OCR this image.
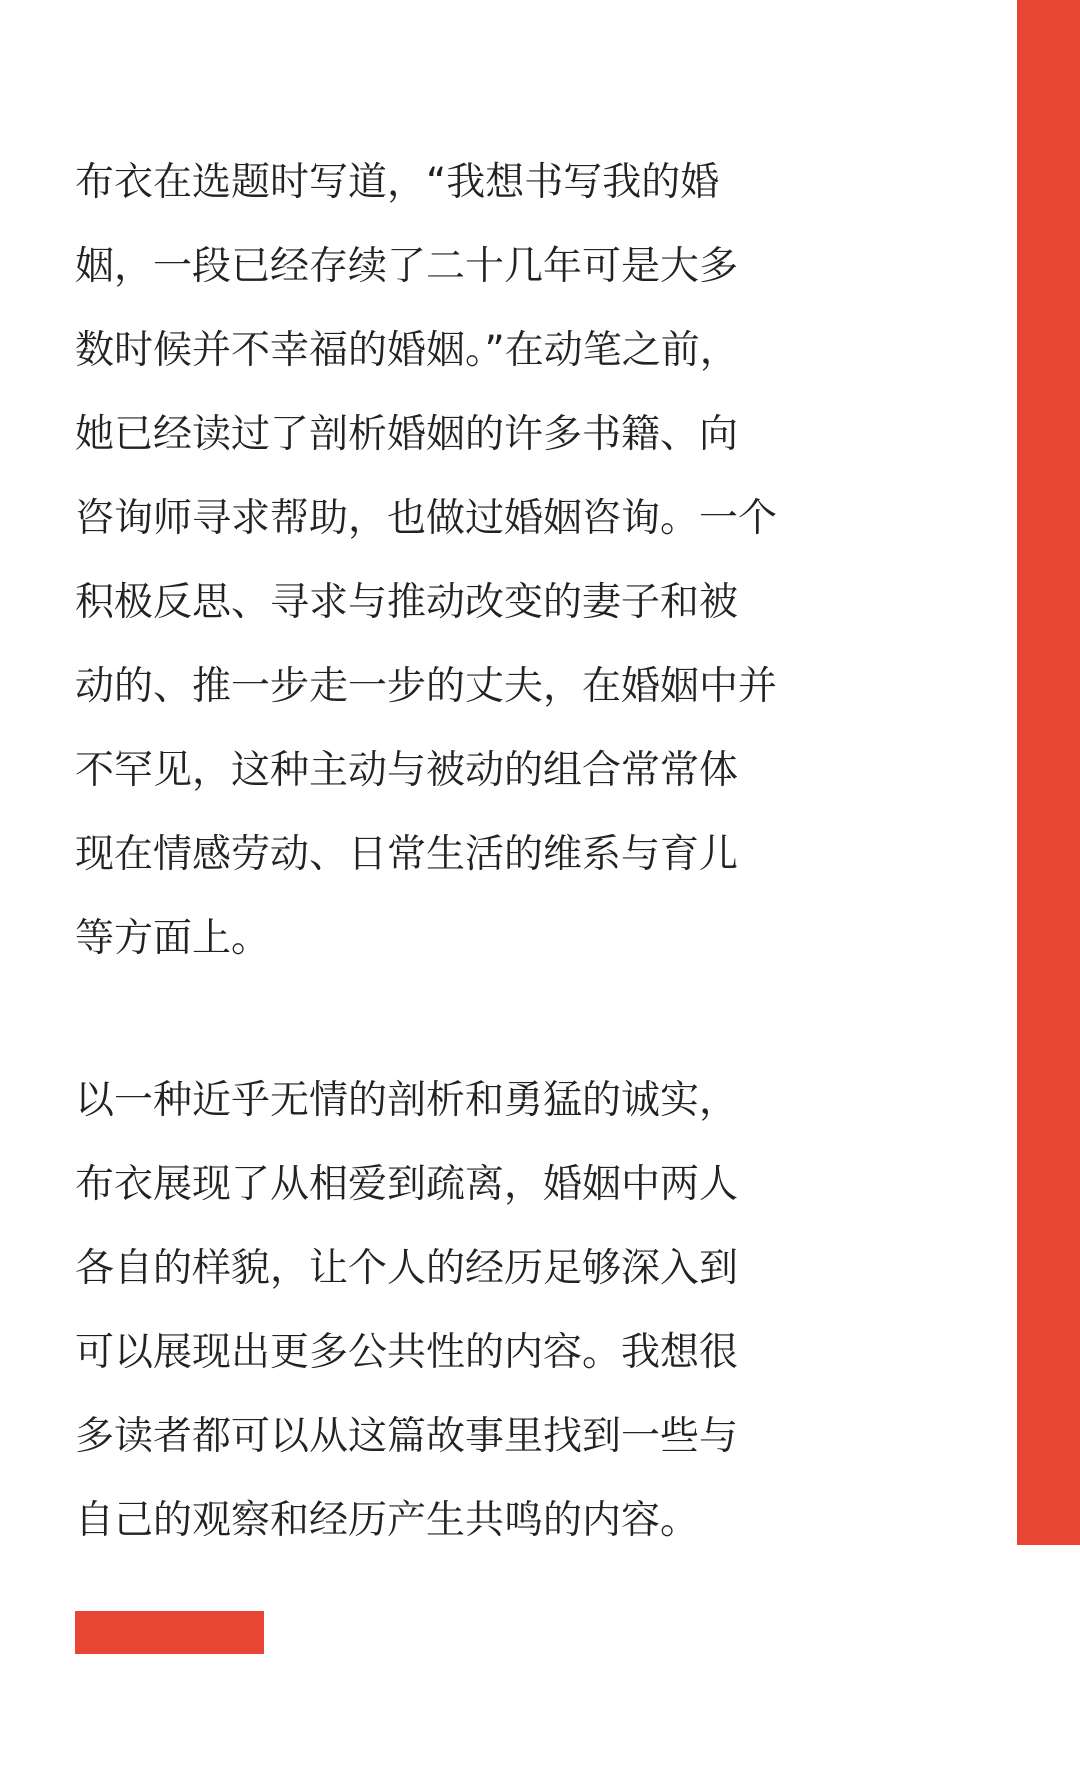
布衣在选题时写道，“我想书写我的婚
姻，一段已经存续了二十几年可是大多
数时候并不幸福的婚姻。”在动笔之前，
她已经读过了剖析婚姻的许多书籍、向
咨询师寻求帮助，也做过婚姻咨询。一个
积极反思、寻求与推动改变的妻子和被
动的、推一步走一步的丈夫，在婚姻中并
不罕见，这种主动与被动的组合常常体
现在情感劳动、日常生活的维系与育儿
等方面上。

以一种近乎无情的剖析和勇猛的诚实，
布衣展现了从相爱到疏离，婚姻中两人
各自的样貌，让个人的经历足够深入到
可以展现出更多公共性的内容。我想很
多读者都可以从这篇故事里找到一些与
自己的观察和经历产生共鸣的内容。
